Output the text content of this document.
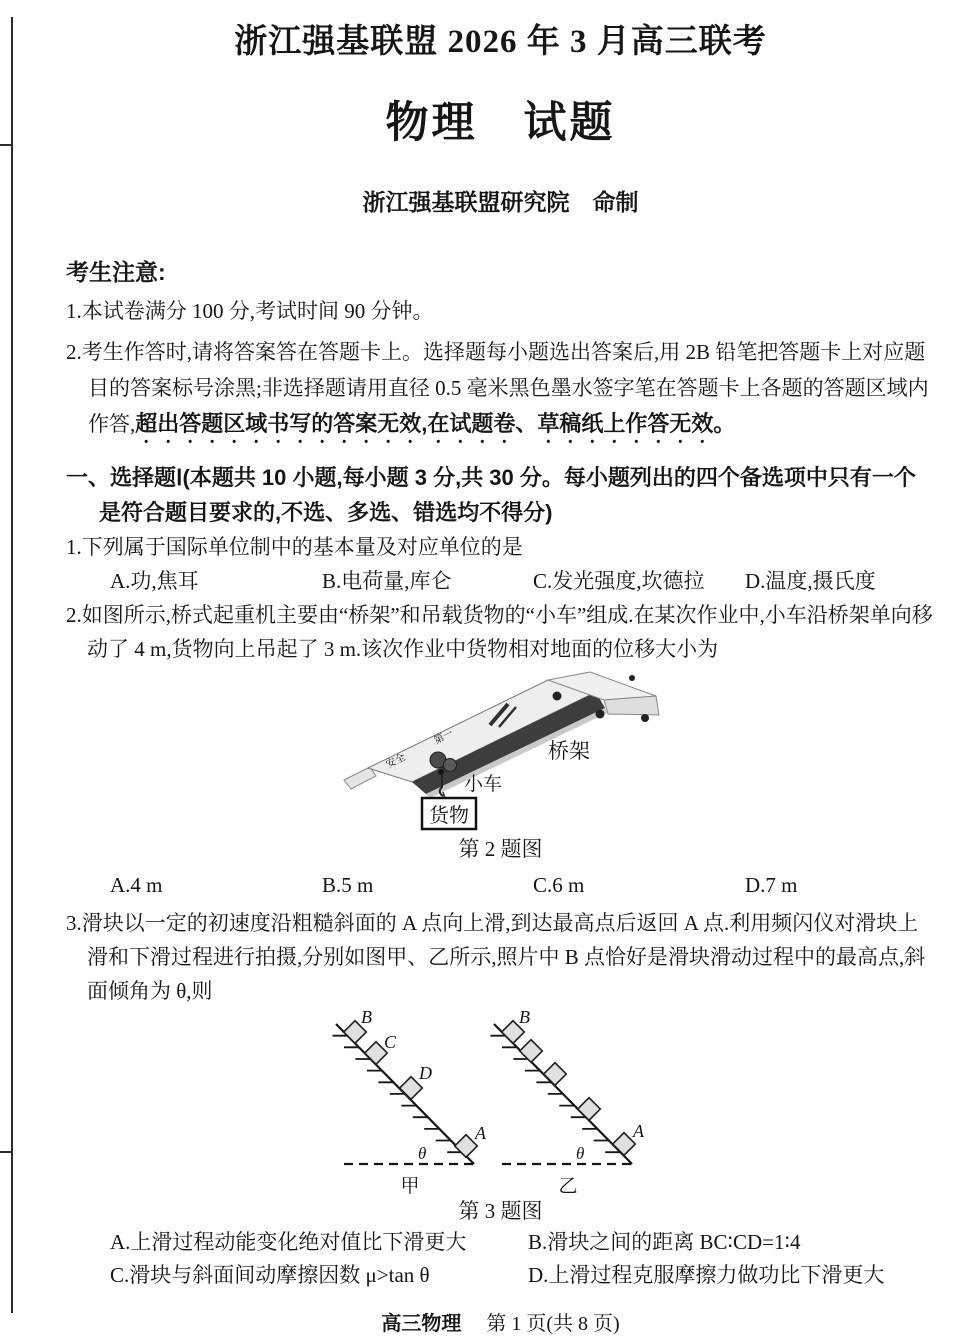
浙江强基联盟 2026 年 3 月高三联考
物理　试题
浙江强基联盟研究院　命制
考生注意:

1.本试卷满分 100 分,考试时间 90 分钟。

2.考生作答时,请将答案答在答题卡上。选择题每小题选出答案后,用 2B 铅笔把答题卡上对应题目的答案标号涂黑;非选择题请用直径 0.5 毫米黑色墨水签字笔在答题卡上各题的答题区域内作答,超出答题区域书写的答案无效,在试题卷、草稿纸上作答无效。

一、选择题Ⅰ(本题共 10 小题,每小题 3 分,共 30 分。每小题列出的四个备选项中只有一个是符合题目要求的,不选、多选、错选均不得分)

1.下列属于国际单位制中的基本量及对应单位的是

A.功,焦耳	B.电荷量,库仑	C.发光强度,坎德拉	D.温度,摄氏度

2.如图所示,桥式起重机主要由“桥架”和吊载货物的“小车”组成.在某次作业中,小车沿桥架单向移动了 4 m,货物向上吊起了 3 m.该次作业中货物相对地面的位移大小为

安全
第一
货物
小车
桥架
第 2 题图
A.4 m	B.5 m	C.6 m	D.7 m

3.滑块以一定的初速度沿粗糙斜面的 A 点向上滑,到达最高点后返回 A 点.利用频闪仪对滑块上滑和下滑过程进行拍摄,分别如图甲、乙所示,照片中 B 点恰好是滑块滑动过程中的最高点,斜面倾角为 θ,则

B
C
D
A
θ
甲
B
A
θ
乙
第 3 题图
A.上滑过程动能变化绝对值比下滑更大	B.滑块之间的距离 BC∶CD=1∶4
C.滑块与斜面间动摩擦因数 μ>tan θ	D.上滑过程克服摩擦力做功比下滑更大
高三物理 第 1 页(共 8 页)
